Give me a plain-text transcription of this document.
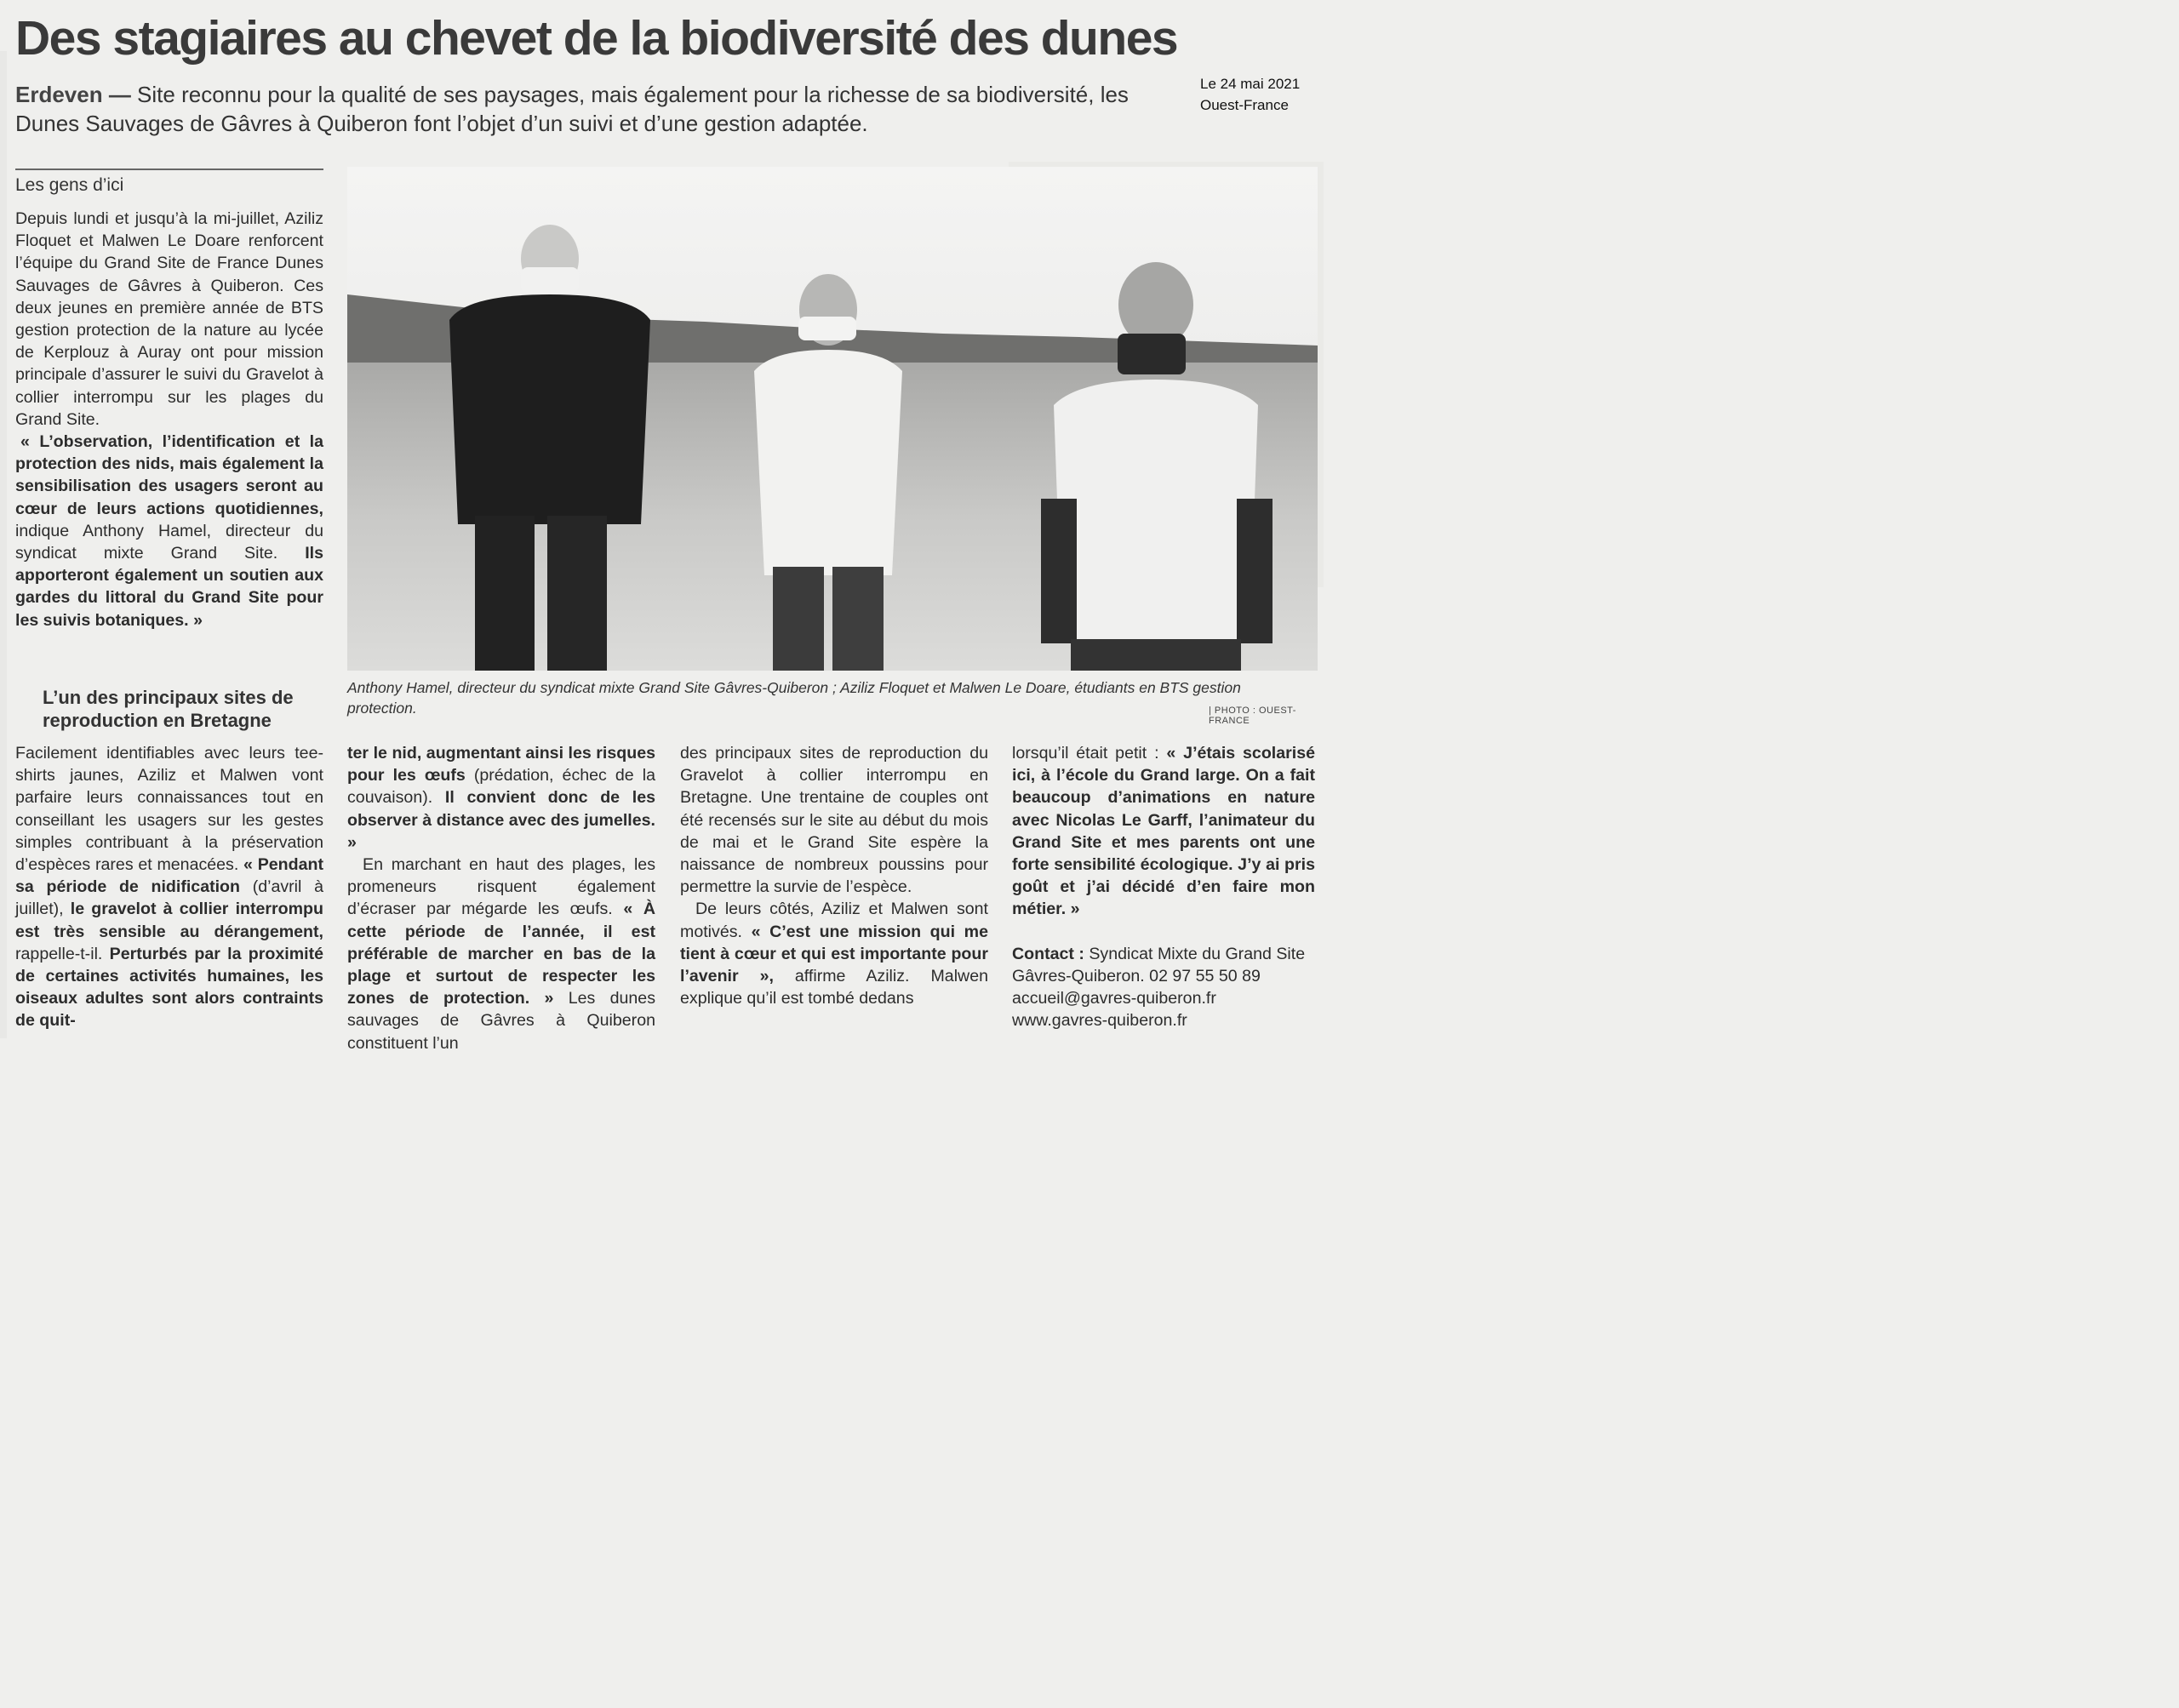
Des stagiaires au chevet de la biodiversité des dunes
Erdeven — Site reconnu pour la qualité de ses paysages, mais également pour la richesse de sa biodiversité, les Dunes Sauvages de Gâvres à Quiberon font l’objet d’un suivi et d’une gestion adaptée.
Le 24 mai 2021
Ouest-France
Les gens d’ici

Depuis lundi et jusqu’à la mi-juillet, Aziliz Floquet et Malwen Le Doare renforcent l’équipe du Grand Site de France Dunes Sauvages de Gâvres à Quiberon. Ces deux jeunes en première année de BTS gestion protection de la nature au lycée de Kerplouz à Auray ont pour mission principale d’assurer le suivi du Gravelot à collier interrompu sur les plages du Grand Site.

« L’observation, l’identification et la protection des nids, mais également la sensibilisation des usagers seront au cœur de leurs actions quotidiennes, indique Anthony Hamel, directeur du syndicat mixte Grand Site. Ils apporteront également un soutien aux gardes du littoral du Grand Site pour les suivis botaniques. »

L’un des principaux sites de reproduction en Bretagne

Facilement identifiables avec leurs tee-shirts jaunes, Aziliz et Malwen vont parfaire leurs connaissances tout en conseillant les usagers sur les gestes simples contribuant à la préservation d’espèces rares et menacées. « Pendant sa période de nidification (d’avril à juillet), le gravelot à collier interrompu est très sensible au dérangement, rappelle-t-il. Perturbés par la proximité de certaines activités humaines, les oiseaux adultes sont alors contraints de quit-

Anthony Hamel, directeur du syndicat mixte Grand Site Gâvres-Quiberon ; Aziliz Floquet et Malwen Le Doare, étudiants en BTS gestion protection.	| PHOTO : OUEST-FRANCE

ter le nid, augmentant ainsi les risques pour les œufs (prédation, échec de la couvaison). Il convient donc de les observer à distance avec des jumelles. »

En marchant en haut des plages, les promeneurs risquent également d’écraser par mégarde les œufs. « À cette période de l’année, il est préférable de marcher en bas de la plage et surtout de respecter les zones de protection. » Les dunes sauvages de Gâvres à Quiberon constituent l’un

des principaux sites de reproduction du Gravelot à collier interrompu en Bretagne. Une trentaine de couples ont été recensés sur le site au début du mois de mai et le Grand Site espère la naissance de nombreux poussins pour permettre la survie de l’espèce.

De leurs côtés, Aziliz et Malwen sont motivés. « C’est une mission qui me tient à cœur et qui est importante pour l’avenir », affirme Aziliz. Malwen explique qu’il est tombé dedans

lorsqu’il était petit : « J’étais scolarisé ici, à l’école du Grand large. On a fait beaucoup d’animations en nature avec Nicolas Le Garff, l’animateur du Grand Site et mes parents ont une forte sensibilité écologique. J’y ai pris goût et j’ai décidé d’en faire mon métier. »

Contact : Syndicat Mixte du Grand Site Gâvres-Quiberon. 02 97 55 50 89
accueil@gavres-quiberon.fr
www.gavres-quiberon.fr
